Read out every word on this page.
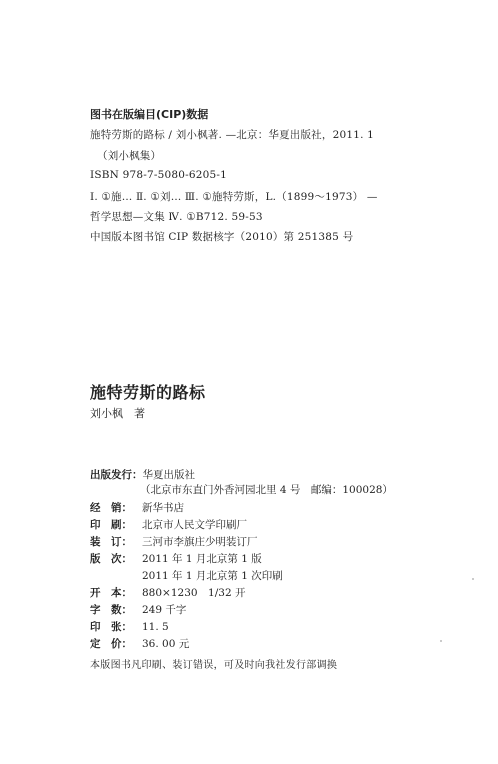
图书在版编目(CIP)数据
施特劳斯的路标 / 刘小枫著. —北京：华夏出版社，2011. 1
（刘小枫集）
ISBN 978-7-5080-6205-1
Ⅰ. ①施… Ⅱ. ①刘… Ⅲ. ①施特劳斯，L.（1899～1973） —
哲学思想—文集 Ⅳ. ①B712. 59-53
中国版本图书馆 CIP 数据核字（2010）第 251385 号
施特劳斯的路标
刘小枫　著
出版发行：华夏出版社
（北京市东直门外香河园北里 4 号　邮编：100028）
经　销： 新华书店
印　刷： 北京市人民文学印刷厂
装　订： 三河市李旗庄少明装订厂
版　次： 2011 年 1 月北京第 1 版
2011 年 1 月北京第 1 次印刷
开　本： 880×1230　1/32 开
字　数： 249 千字
印　张： 11. 5
定　价： 36. 00 元
本版图书凡印刷、装订错误，可及时向我社发行部调换
